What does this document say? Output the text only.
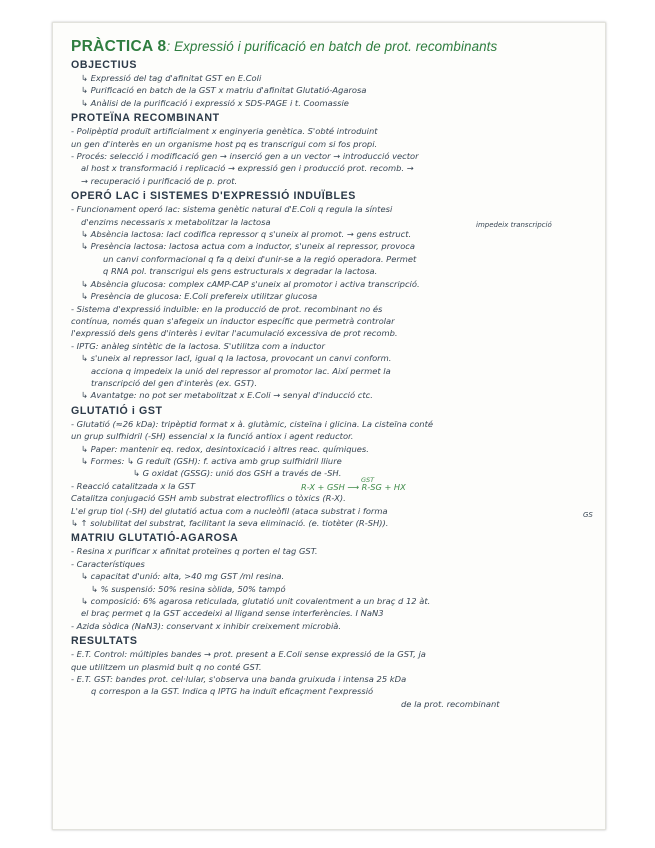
PRÀCTICA 8: Expressió i purificació en batch de prot. recombinants
OBJECTIUS
↳ Expressió del tag d'afinitat GST en E.Coli
↳ Purificació en batch de la GST x matriu d'afinitat Glutatió-Agarosa
↳ Anàlisi de la purificació i expressió x SDS-PAGE i t. Coomassie
PROTEÏNA RECOMBINANT
- Polipèptid produït artificialment x enginyeria genètica. S'obté introduint
un gen d'interès en un organisme host pq es transcrigui com si fos propi.
- Procés: selecció i modificació gen → inserció gen a un vector → introducció vector
al host x transformació i replicació → expressió gen i producció prot. recomb. →
→ recuperació i purificació de p. prot.
OPERÓ LAC i SISTEMES D'EXPRESSIÓ INDUÏBLES
- Funcionament operó lac: sistema genètic natural d'E.Coli q regula la síntesi
d'enzims necessaris x metabolitzar la lactosa	impedeix transcripció
↳ Absència lactosa: lacI codifica repressor q s'uneix al promot. → gens estruct.
↳ Presència lactosa: lactosa actua com a inductor, s'uneix al repressor, provoca
un canvi conformacional q fa q deixi d'unir-se a la regió operadora. Permet
q RNA pol. transcrigui els gens estructurals x degradar la lactosa.
↳ Absència glucosa: complex cAMP-CAP s'uneix al promotor i activa transcripció.
↳ Presència de glucosa: E.Coli prefereix utilitzar glucosa
- Sistema d'expressió induïble: en la producció de prot. recombinant no és
contínua, només quan s'afegeix un inductor específic que permetrà controlar
l'expressió dels gens d'interès i evitar l'acumulació excessiva de prot recomb.
- IPTG: anàleg sintètic de la lactosa. S'utilitza com a inductor
↳ s'uneix al repressor lacI, igual q la lactosa, provocant un canvi conform.
acciona q impedeix la unió del repressor al promotor lac. Així permet la
transcripció del gen d'interès (ex. GST).
↳ Avantatge: no pot ser metabolitzat x E.Coli → senyal d'inducció ctc.
GLUTATIÓ i GST
- Glutatió (≈26 kDa): tripèptid format x à. glutàmic, cisteïna i glicina. La cisteïna conté
un grup sulfhidril (-SH) essencial x la funció antiox i agent reductor.
↳ Paper: mantenir eq. redox, desintoxicació i altres reac. químiques.
↳ Formes: ↳ G reduït (GSH): f. activa amb grup sulfhidril lliure
↳ G oxidat (GSSG): unió dos GSH a través de -SH.
- Reacció catalitzada x la GST	R-X + GSH ⟶ R-SG + HX
GST
Catalitza conjugació GSH amb substrat electrofílics o tòxics (R-X).
L'el grup tiol (-SH) del glutatió actua com a nucleòfil (ataca substrat i forma	GS
↳ ↑ solubilitat del substrat, facilitant la seva eliminació. (e. tiotèter (R-SH)).
MATRIU GLUTATIÓ-AGAROSA
- Resina x purificar x afinitat proteïnes q porten el tag GST.
- Característiques
↳ capacitat d'unió: alta, >40 mg GST /ml resina.
↳ % suspensió: 50% resina sòlida, 50% tampó
↳ composició: 6% agarosa reticulada, glutatió unit covalentment a un braç d 12 àt.
el braç permet q la GST accedeixi al lligand sense interferències. I NaN3
- Azida sòdica (NaN3): conservant x inhibir creixement microbià.
RESULTATS
- E.T. Control: múltiples bandes → prot. present a E.Coli sense expressió de la GST, ja
que utilitzem un plasmid buit q no conté GST.
- E.T. GST: bandes prot. cel·lular, s'observa una banda gruixuda i intensa 25 kDa
q correspon a la GST. Indica q IPTG ha induït eficaçment l'expressió
de la prot. recombinant
